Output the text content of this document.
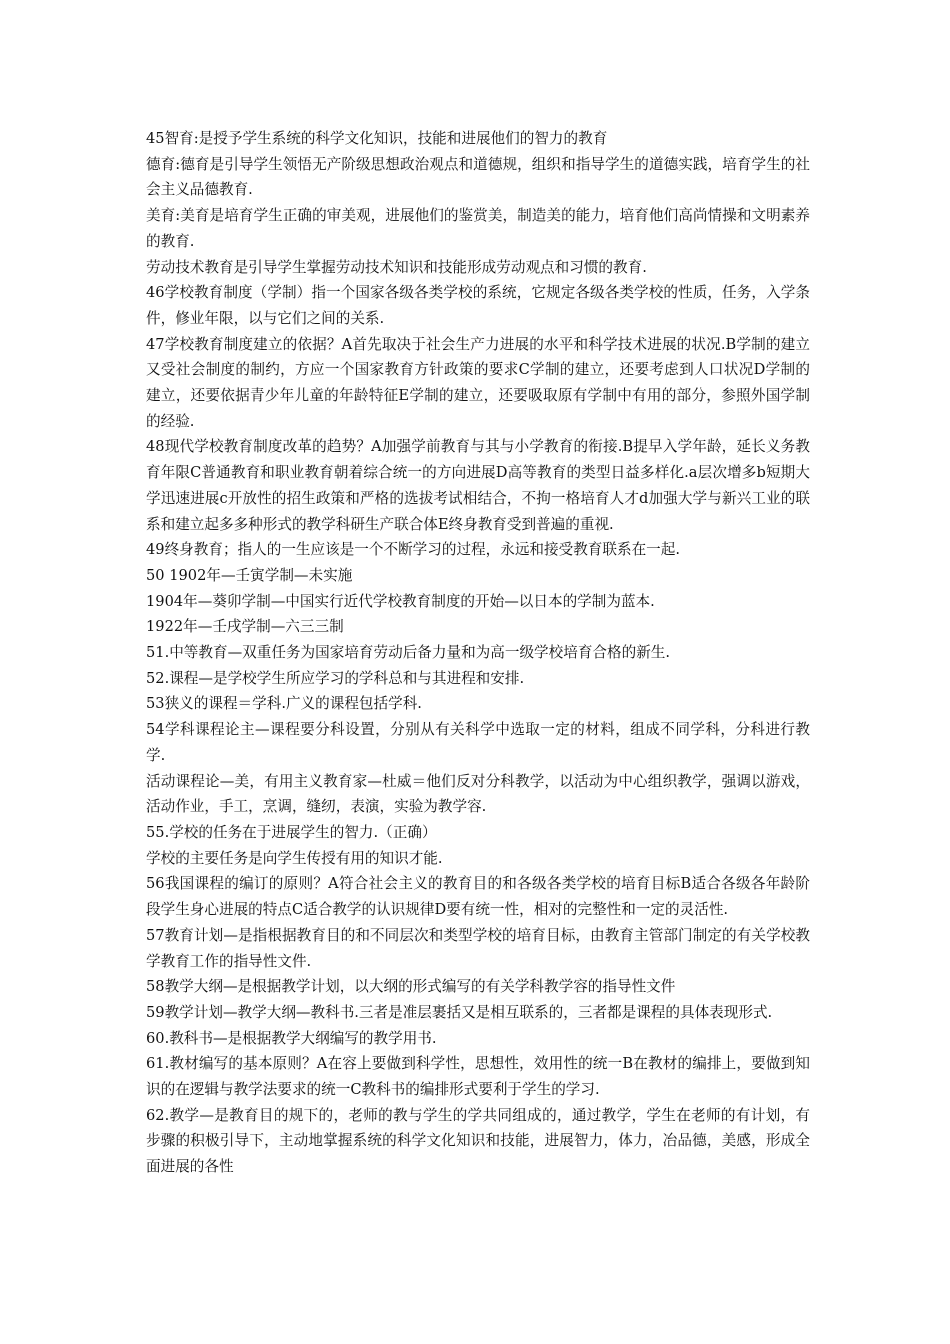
45智育:是授予学生系统的科学文化知识，技能和进展他们的智力的教育

德育:德育是引导学生领悟无产阶级思想政治观点和道德规，组织和指导学生的道德实践，培育学生的社会主义品德教育.

美育:美育是培育学生正确的审美观，进展他们的鉴赏美，制造美的能力，培育他们高尚情操和文明素养的教育.

劳动技术教育是引导学生掌握劳动技术知识和技能形成劳动观点和习惯的教育.

46学校教育制度（学制）指一个国家各级各类学校的系统，它规定各级各类学校的性质，任务，入学条件，修业年限，以与它们之间的关系.

47学校教育制度建立的依据？A首先取决于社会生产力进展的水平和科学技术进展的状况.B学制的建立又受社会制度的制约，方应一个国家教育方针政策的要求C学制的建立，还要考虑到人口状况D学制的建立，还要依据青少年儿童的年龄特征E学制的建立，还要吸取原有学制中有用的部分，参照外国学制的经验.

48现代学校教育制度改革的趋势？A加强学前教育与其与小学教育的衔接.B提早入学年龄，延长义务教育年限C普通教育和职业教育朝着综合统一的方向进展D高等教育的类型日益多样化.a层次增多b短期大学迅速进展c开放性的招生政策和严格的选拔考试相结合，不拘一格培育人才d加强大学与新兴工业的联系和建立起多多种形式的教学科研生产联合体E终身教育受到普遍的重视.

49终身教育；指人的一生应该是一个不断学习的过程，永远和接受教育联系在一起.

50 1902年—壬寅学制—未实施

1904年—葵卯学制—中国实行近代学校教育制度的开始—以日本的学制为蓝本.

1922年—壬戌学制—六三三制

51.中等教育—双重任务为国家培育劳动后备力量和为高一级学校培育合格的新生.

52.课程—是学校学生所应学习的学科总和与其进程和安排.

53狭义的课程＝学科.广义的课程包括学科.

54学科课程论主—课程要分科设置，分别从有关科学中选取一定的材料，组成不同学科，分科进行教学.

活动课程论—美，有用主义教育家—杜威＝他们反对分科教学，以活动为中心组织教学，强调以游戏，活动作业，手工，烹调，缝纫，表演，实验为教学容.

55.学校的任务在于进展学生的智力.（正确）

学校的主要任务是向学生传授有用的知识才能.

56我国课程的编订的原则？A符合社会主义的教育目的和各级各类学校的培育目标B适合各级各年龄阶段学生身心进展的特点C适合教学的认识规律D要有统一性，相对的完整性和一定的灵活性.

57教育计划—是指根据教育目的和不同层次和类型学校的培育目标，由教育主管部门制定的有关学校教学教育工作的指导性文件.

58教学大纲—是根据教学计划，以大纲的形式编写的有关学科教学容的指导性文件

59教学计划—教学大纲—教科书.三者是准层裹括又是相互联系的，三者都是课程的具体表现形式.

60.教科书—是根据教学大纲编写的教学用书.

61.教材编写的基本原则？A在容上要做到科学性，思想性，效用性的统一B在教材的编排上，要做到知识的在逻辑与教学法要求的统一C教科书的编排形式要利于学生的学习.

62.教学—是教育目的规下的，老师的教与学生的学共同组成的，通过教学，学生在老师的有计划，有步骤的积极引导下，主动地掌握系统的科学文化知识和技能，进展智力，体力，冶品德，美感，形成全面进展的各性
